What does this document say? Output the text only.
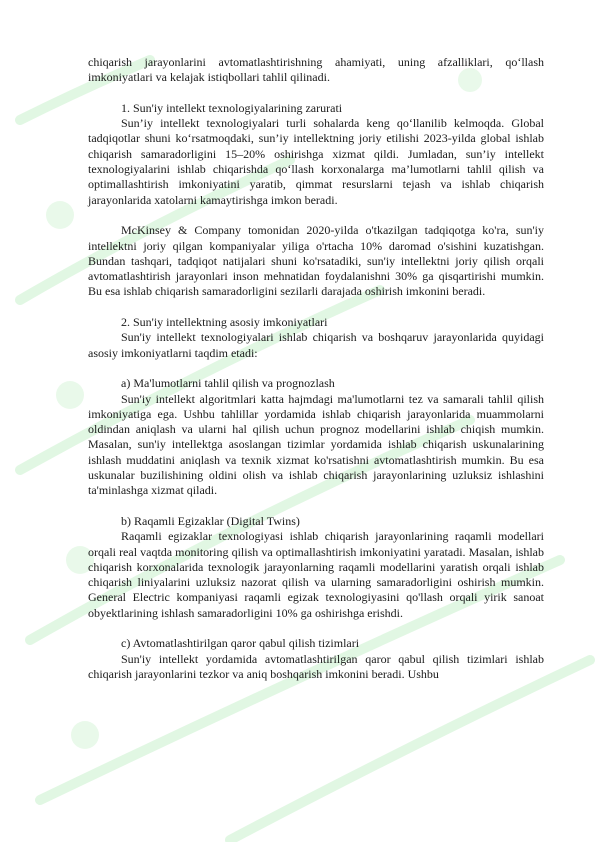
chiqarish jarayonlarini avtomatlashtirishning ahamiyati, uning afzalliklari, qo‘llash imkoniyatlari va kelajak istiqbollari tahlil qilinadi.

1. Sun'iy intellekt texnologiyalarining zarurati

Sun’iy intellekt texnologiyalari turli sohalarda keng qo‘llanilib kelmoqda. Global tadqiqotlar shuni ko‘rsatmoqdaki, sun’iy intellektning joriy etilishi 2023-yilda global ishlab chiqarish samaradorligini 15–20% oshirishga xizmat qildi. Jumladan, sun’iy intellekt texnologiyalarini ishlab chiqarishda qo‘llash korxonalarga ma’lumotlarni tahlil qilish va optimallashtirish imkoniyatini yaratib, qimmat resurslarni tejash va ishlab chiqarish jarayonlarida xatolarni kamaytirishga imkon beradi.

McKinsey & Company tomonidan 2020-yilda o'tkazilgan tadqiqotga ko'ra, sun'iy intellektni joriy qilgan kompaniyalar yiliga o'rtacha 10% daromad o'sishini kuzatishgan. Bundan tashqari, tadqiqot natijalari shuni ko'rsatadiki, sun'iy intellektni joriy qilish orqali avtomatlashtirish jarayonlari inson mehnatidan foydalanishni 30% ga qisqartirishi mumkin. Bu esa ishlab chiqarish samaradorligini sezilarli darajada oshirish imkonini beradi.

2. Sun'iy intellektning asosiy imkoniyatlari

Sun'iy intellekt texnologiyalari ishlab chiqarish va boshqaruv jarayonlarida quyidagi asosiy imkoniyatlarni taqdim etadi:

a) Ma'lumotlarni tahlil qilish va prognozlash

Sun'iy intellekt algoritmlari katta hajmdagi ma'lumotlarni tez va samarali tahlil qilish imkoniyatiga ega. Ushbu tahlillar yordamida ishlab chiqarish jarayonlarida muammolarni oldindan aniqlash va ularni hal qilish uchun prognoz modellarini ishlab chiqish mumkin. Masalan, sun'iy intellektga asoslangan tizimlar yordamida ishlab chiqarish uskunalarining ishlash muddatini aniqlash va texnik xizmat ko'rsatishni avtomatlashtirish mumkin. Bu esa uskunalar buzilishining oldini olish va ishlab chiqarish jarayonlarining uzluksiz ishlashini ta'minlashga xizmat qiladi.

b) Raqamli Egizaklar (Digital Twins)

Raqamli egizaklar texnologiyasi ishlab chiqarish jarayonlarining raqamli modellari orqali real vaqtda monitoring qilish va optimallashtirish imkoniyatini yaratadi. Masalan, ishlab chiqarish korxonalarida texnologik jarayonlarning raqamli modellarini yaratish orqali ishlab chiqarish liniyalarini uzluksiz nazorat qilish va ularning samaradorligini oshirish mumkin. General Electric kompaniyasi raqamli egizak texnologiyasini qo'llash orqali yirik sanoat obyektlarining ishlash samaradorligini 10% ga oshirishga erishdi.

c) Avtomatlashtirilgan qaror qabul qilish tizimlari

Sun'iy intellekt yordamida avtomatlashtirilgan qaror qabul qilish tizimlari ishlab chiqarish jarayonlarini tezkor va aniq boshqarish imkonini beradi. Ushbu
